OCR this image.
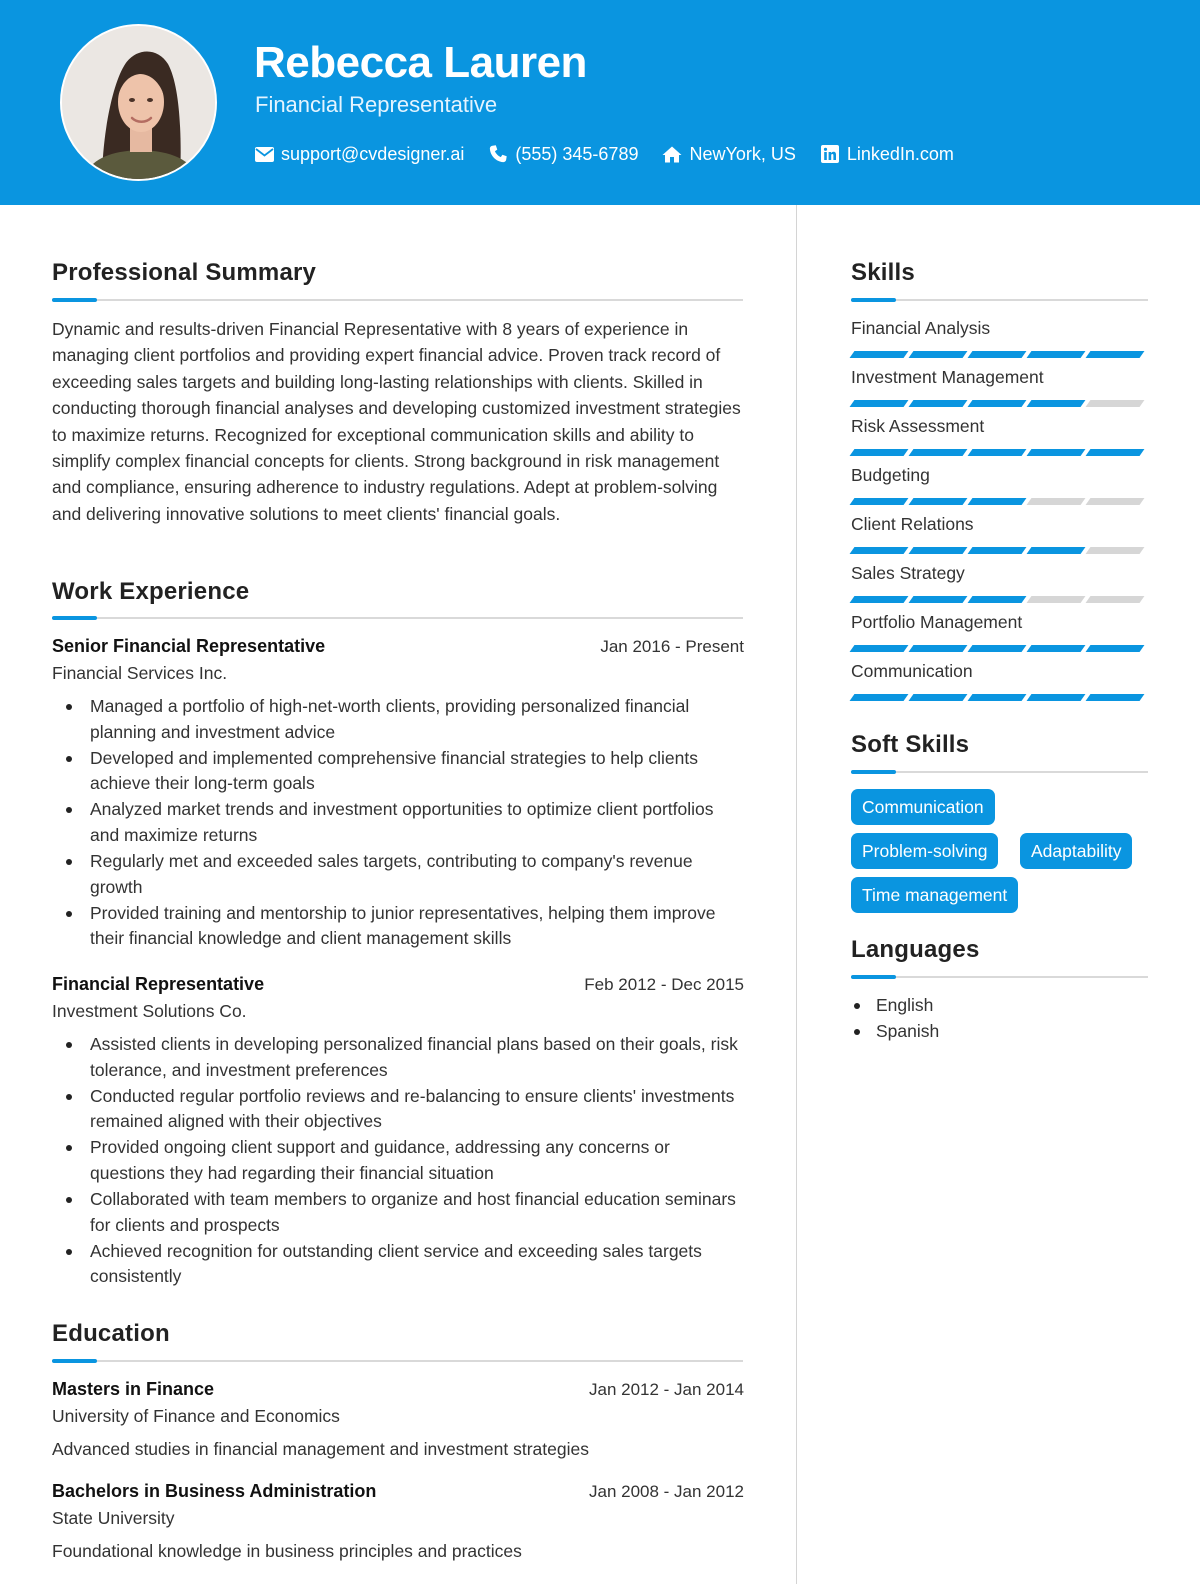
Rebecca Lauren
Financial Representative
support@cvdesigner.ai	(555) 345-6789	NewYork, US	LinkedIn.com
Professional Summary
Dynamic and results-driven Financial Representative with 8 years of experience in managing client portfolios and providing expert financial advice. Proven track record of exceeding sales targets and building long-lasting relationships with clients. Skilled in conducting thorough financial analyses and developing customized investment strategies to maximize returns. Recognized for exceptional communication skills and ability to simplify complex financial concepts for clients. Strong background in risk management and compliance, ensuring adherence to industry regulations. Adept at problem-solving and delivering innovative solutions to meet clients' financial goals.
Work Experience
Senior Financial Representative	Jan 2016 - Present
Financial Services Inc.
Managed a portfolio of high-net-worth clients, providing personalized financial planning and investment advice
Developed and implemented comprehensive financial strategies to help clients achieve their long-term goals
Analyzed market trends and investment opportunities to optimize client portfolios and maximize returns
Regularly met and exceeded sales targets, contributing to company's revenue growth
Provided training and mentorship to junior representatives, helping them improve their financial knowledge and client management skills
Financial Representative	Feb 2012 - Dec 2015
Investment Solutions Co.
Assisted clients in developing personalized financial plans based on their goals, risk tolerance, and investment preferences
Conducted regular portfolio reviews and re-balancing to ensure clients' investments remained aligned with their objectives
Provided ongoing client support and guidance, addressing any concerns or questions they had regarding their financial situation
Collaborated with team members to organize and host financial education seminars for clients and prospects
Achieved recognition for outstanding client service and exceeding sales targets consistently
Education
Masters in Finance	Jan 2012 - Jan 2014
University of Finance and Economics
Advanced studies in financial management and investment strategies
Bachelors in Business Administration	Jan 2008 - Jan 2012
State University
Foundational knowledge in business principles and practices
Skills
Financial Analysis
Investment Management
Risk Assessment
Budgeting
Client Relations
Sales Strategy
Portfolio Management
Communication
Soft Skills
Communication
Problem-solving	Adaptability
Time management
Languages
English
Spanish
